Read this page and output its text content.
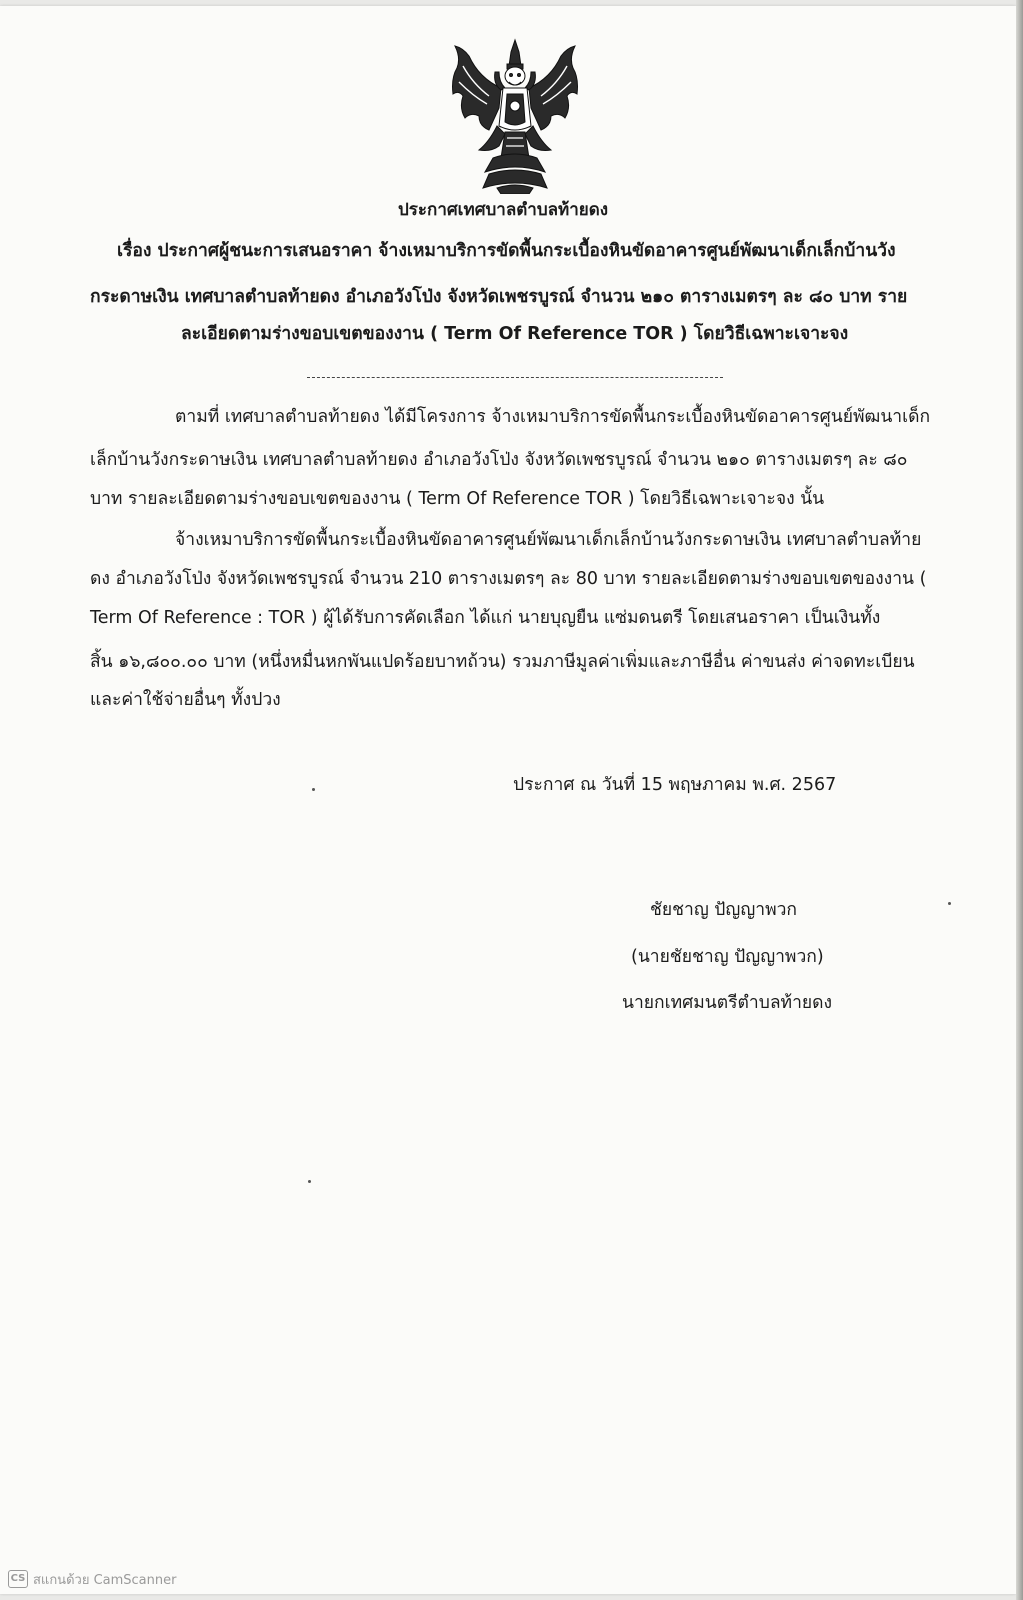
ประกาศเทศบาลตำบลท้ายดง
เรื่อง ประกาศผู้ชนะการเสนอราคา จ้างเหมาบริการขัดพื้นกระเบื้องหินขัดอาคารศูนย์พัฒนาเด็กเล็กบ้านวัง
กระดาษเงิน เทศบาลตำบลท้ายดง อำเภอวังโป่ง จังหวัดเพชรบูรณ์ จำนวน ๒๑๐ ตารางเมตรๆ ละ ๘๐ บาท ราย
ละเอียดตามร่างขอบเขตของงาน ( Term Of Reference TOR ) โดยวิธีเฉพาะเจาะจง
ตามที่ เทศบาลตำบลท้ายดง ได้มีโครงการ จ้างเหมาบริการขัดพื้นกระเบื้องหินขัดอาคารศูนย์พัฒนาเด็ก
เล็กบ้านวังกระดาษเงิน เทศบาลตำบลท้ายดง อำเภอวังโป่ง จังหวัดเพชรบูรณ์ จำนวน ๒๑๐ ตารางเมตรๆ ละ ๘๐
บาท รายละเอียดตามร่างขอบเขตของงาน ( Term Of Reference TOR ) โดยวิธีเฉพาะเจาะจง นั้น
จ้างเหมาบริการขัดพื้นกระเบื้องหินขัดอาคารศูนย์พัฒนาเด็กเล็กบ้านวังกระดาษเงิน เทศบาลตำบลท้าย
ดง อำเภอวังโป่ง จังหวัดเพชรบูรณ์ จำนวน 210 ตารางเมตรๆ ละ 80 บาท รายละเอียดตามร่างขอบเขตของงาน (
Term Of Reference : TOR ) ผู้ได้รับการคัดเลือก ได้แก่ นายบุญยืน แซ่มดนตรี โดยเสนอราคา เป็นเงินทั้ง
สิ้น ๑๖,๘๐๐.๐๐ บาท (หนึ่งหมื่นหกพันแปดร้อยบาทถ้วน) รวมภาษีมูลค่าเพิ่มและภาษีอื่น ค่าขนส่ง ค่าจดทะเบียน
และค่าใช้จ่ายอื่นๆ ทั้งปวง
ประกาศ ณ วันที่ 15 พฤษภาคม พ.ศ. 2567
ชัยชาญ ปัญญาพวก
(นายชัยชาญ ปัญญาพวก)
นายกเทศมนตรีตำบลท้ายดง
CS สแกนด้วย CamScanner
